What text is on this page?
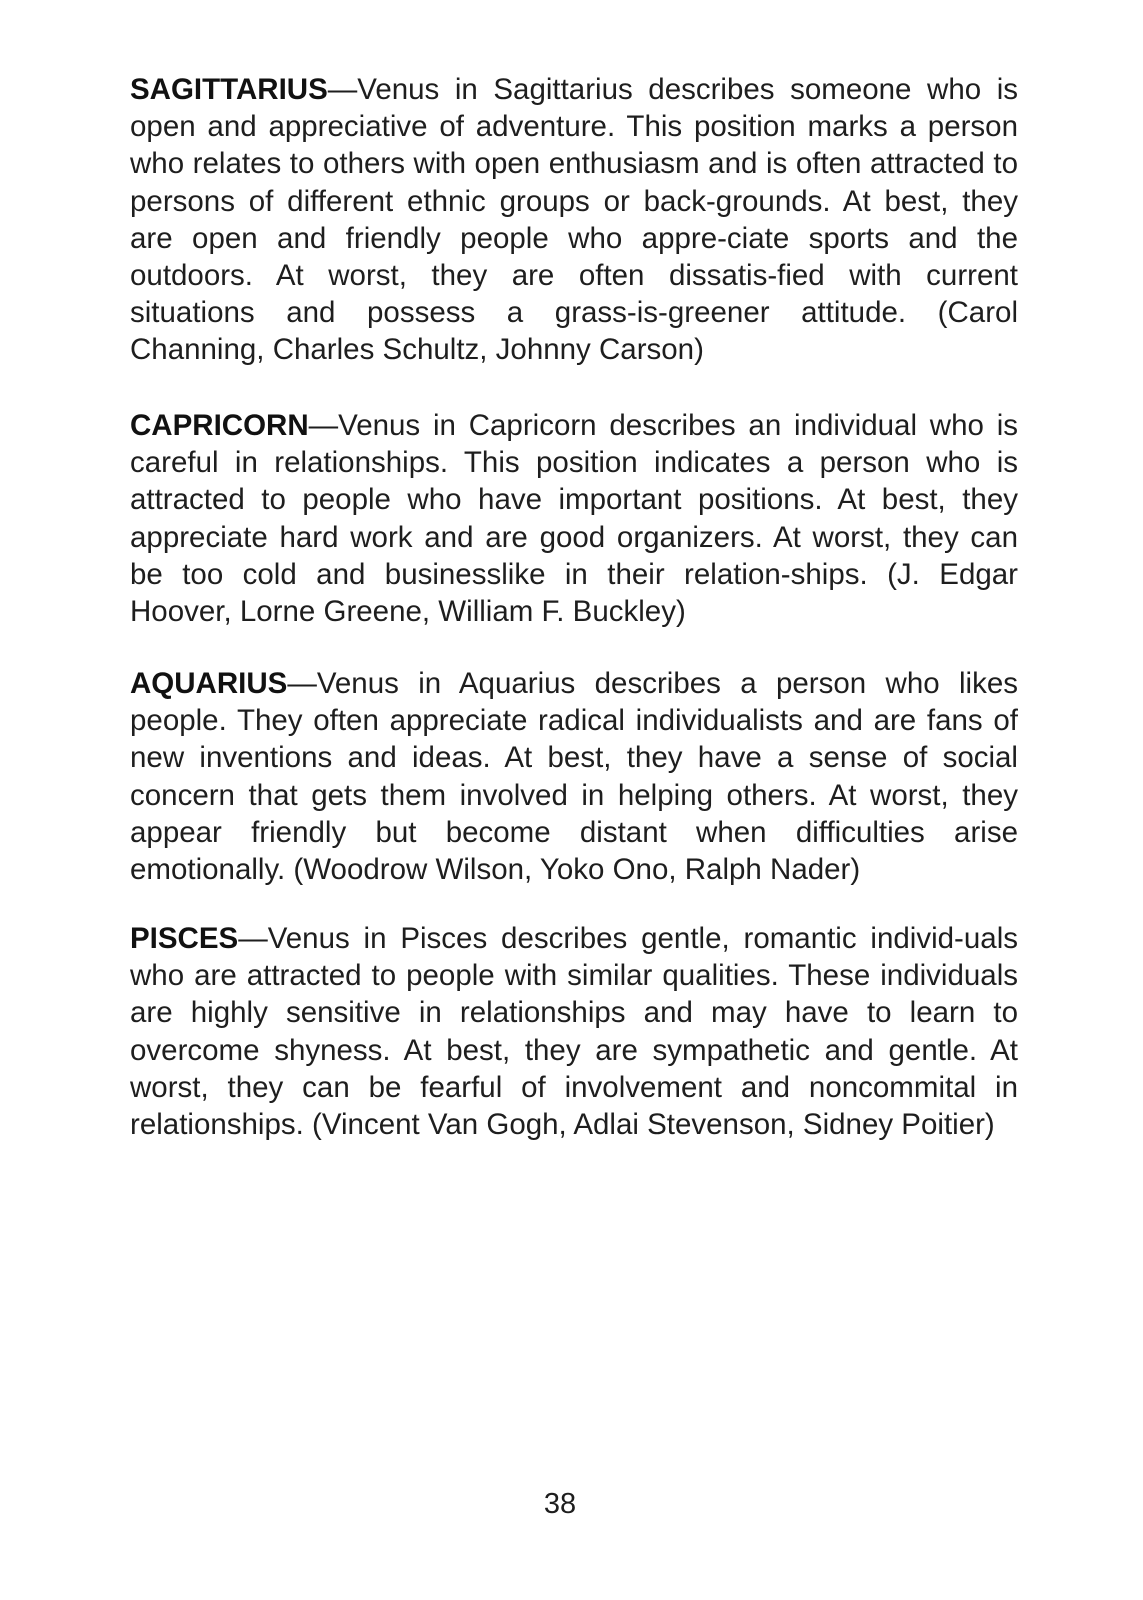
SAGITTARIUS—Venus in Sagittarius describes someone who is open and appreciative of adventure. This position marks a person who relates to others with open enthusiasm and is often attracted to persons of different ethnic groups or back-grounds. At best, they are open and friendly people who appre-ciate sports and the outdoors. At worst, they are often dissatis-fied with current situations and possess a grass-is-greener attitude. (Carol Channing, Charles Schultz, Johnny Carson)

CAPRICORN—Venus in Capricorn describes an individual who is careful in relationships. This position indicates a person who is attracted to people who have important positions. At best, they appreciate hard work and are good organizers. At worst, they can be too cold and businesslike in their relation-ships. (J. Edgar Hoover, Lorne Greene, William F. Buckley)

AQUARIUS—Venus in Aquarius describes a person who likes people. They often appreciate radical individualists and are fans of new inventions and ideas. At best, they have a sense of social concern that gets them involved in helping others. At worst, they appear friendly but become distant when difficulties arise emotionally. (Woodrow Wilson, Yoko Ono, Ralph Nader)

PISCES—Venus in Pisces describes gentle, romantic individ-uals who are attracted to people with similar qualities. These individuals are highly sensitive in relationships and may have to learn to overcome shyness. At best, they are sympathetic and gentle. At worst, they can be fearful of involvement and noncommital in relationships. (Vincent Van Gogh, Adlai Stevenson, Sidney Poitier)

38
